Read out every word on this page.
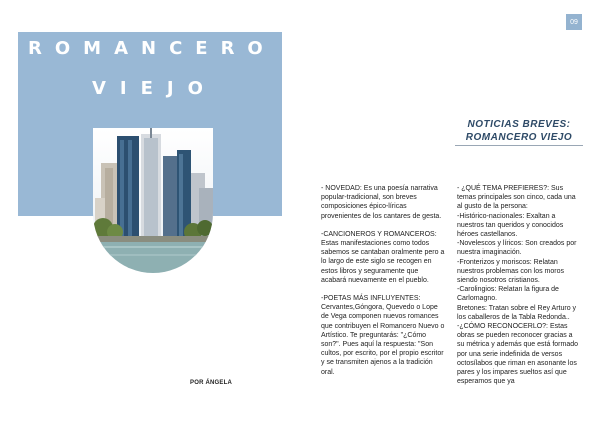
09
ROMANCERO
VIEJO
POR ÁNGELA
NOTICIAS BREVES:
ROMANCERO VIEJO

- NOVEDAD: Es una poesía narrativa popular-tradicional, son breves composiciones épico-líricas provenientes de los cantares de gesta.

-CANCIONEROS Y ROMANCEROS: Estas manifestaciones como todos sabemos se cantaban oralmente pero a lo largo de este siglo se recogen en estos libros y seguramente que acabará nuevamente en el pueblo.

-POETAS MÁS INFLUYENTES: Cervantes,Góngora, Quevedo o Lope de Vega componen nuevos romances que contribuyen el Romancero Nuevo o Artístico. Te preguntarás: "¿Cómo son?". Pues aquí la respuesta: "Son cultos, por escrito, por el propio escritor y se transmiten ajenos a la tradición oral.

- ¿QUÉ TEMA PREFIERES?: Sus temas principales son cinco, cada una al gusto de la persona:
-Histórico-nacionales: Exaltan a nuestros tan queridos y conocidos héroes castellanos.
-Novelescos y líricos: Son creados por nuestra imaginación.
-Fronterizos y moriscos: Relatan nuestros problemas con los moros siendo nosotros cristianos.
-Carolingios: Relatan la figura de Carlomagno.
Bretones: Tratan sobre el Rey Arturo y los caballeros de la Tabla Redonda..
-¿CÓMO RECONOCERLO?: Estas obras se pueden reconocer gracias a su métrica y además que está formado por una serie indefinida de versos octosílabos que riman en asonante los pares y los impares sueltos así que esperamos que ya
